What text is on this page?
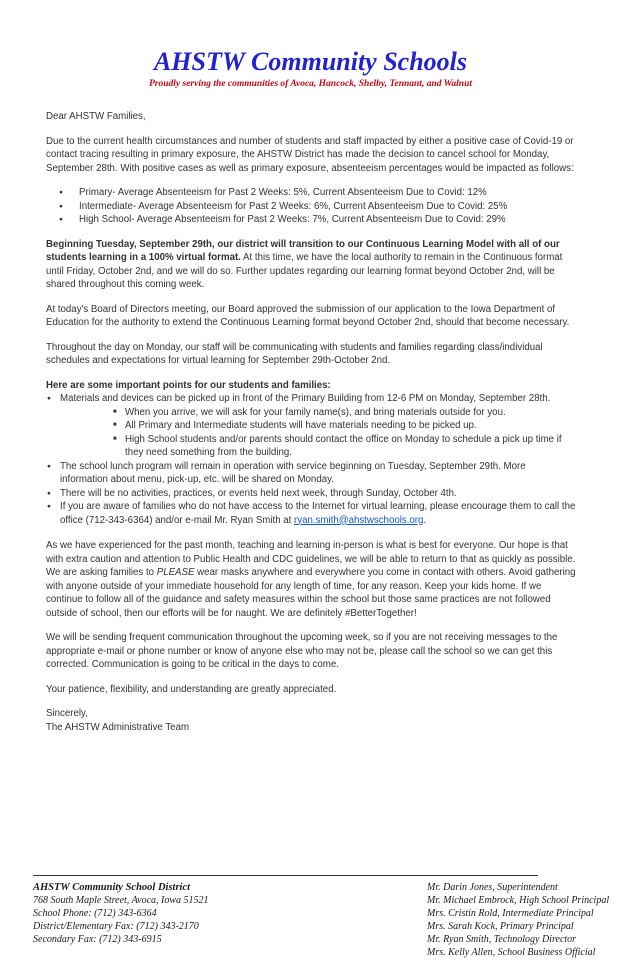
AHSTW Community Schools
Proudly serving the communities of Avoca, Hancock, Shelby, Tennant, and Walnut

Dear AHSTW Families,

Due to the current health circumstances and number of students and staff impacted by either a positive case of Covid-19 or contact tracing resulting in primary exposure, the AHSTW District has made the decision to cancel school for Monday, September 28th. With positive cases as well as primary exposure, absenteeism percentages would be impacted as follows:

● Primary- Average Absenteeism for Past 2 Weeks: 5%, Current Absenteeism Due to Covid: 12%
● Intermediate- Average Absenteeism for Past 2 Weeks: 6%, Current Absenteeism Due to Covid: 25%
● High School- Average Absenteeism for Past 2 Weeks: 7%, Current Absenteeism Due to Covid: 29%

Beginning Tuesday, September 29th, our district will transition to our Continuous Learning Model with all of our students learning in a 100% virtual format. At this time, we have the local authority to remain in the Continuous format until Friday, October 2nd, and we will do so. Further updates regarding our learning format beyond October 2nd, will be shared throughout this coming week.

At today's Board of Directors meeting, our Board approved the submission of our application to the Iowa Department of Education for the authority to extend the Continuous Learning format beyond October 2nd, should that become necessary.

Throughout the day on Monday, our staff will be communicating with students and families regarding class/individual schedules and expectations for virtual learning for September 29th-October 2nd.

Here are some important points for our students and families:

● Materials and devices can be picked up in front of the Primary Building from 12-6 PM on Monday, September 28th.
■ When you arrive, we will ask for your family name(s), and bring materials outside for you.
■ All Primary and Intermediate students will have materials needing to be picked up.
■ High School students and/or parents should contact the office on Monday to schedule a pick up time if they need something from the building.
● The school lunch program will remain in operation with service beginning on Tuesday, September 29th. More information about menu, pick-up, etc. will be shared on Monday.
● There will be no activities, practices, or events held next week, through Sunday, October 4th.
● If you are aware of families who do not have access to the Internet for virtual learning, please encourage them to call the office (712-343-6364) and/or e-mail Mr. Ryan Smith at ryan.smith@ahstwschools.org.

As we have experienced for the past month, teaching and learning in-person is what is best for everyone. Our hope is that with extra caution and attention to Public Health and CDC guidelines, we will be able to return to that as quickly as possible. We are asking families to PLEASE wear masks anywhere and everywhere you come in contact with others. Avoid gathering with anyone outside of your immediate household for any length of time, for any reason. Keep your kids home. If we continue to follow all of the guidance and safety measures within the school but those same practices are not followed outside of school, then our efforts will be for naught. We are definitely #BetterTogether!

We will be sending frequent communication throughout the upcoming week, so if you are not receiving messages to the appropriate e-mail or phone number or know of anyone else who may not be, please call the school so we can get this corrected. Communication is going to be critical in the days to come.

Your patience, flexibility, and understanding are greatly appreciated.

Sincerely,
The AHSTW Administrative Team

AHSTW Community School District
768 South Maple Street, Avoca, Iowa 51521
School Phone: (712) 343-6364
District/Elementary Fax: (712) 343-2170
Secondary Fax: (712) 343-6915
Mr. Darin Jones, Superintendent
Mr. Michael Embrock, High School Principal
Mrs. Cristin Rold, Intermediate Principal
Mrs. Sarah Kock, Primary Principal
Mr. Ryan Smith, Technology Director
Mrs. Kelly Allen, School Business Official
